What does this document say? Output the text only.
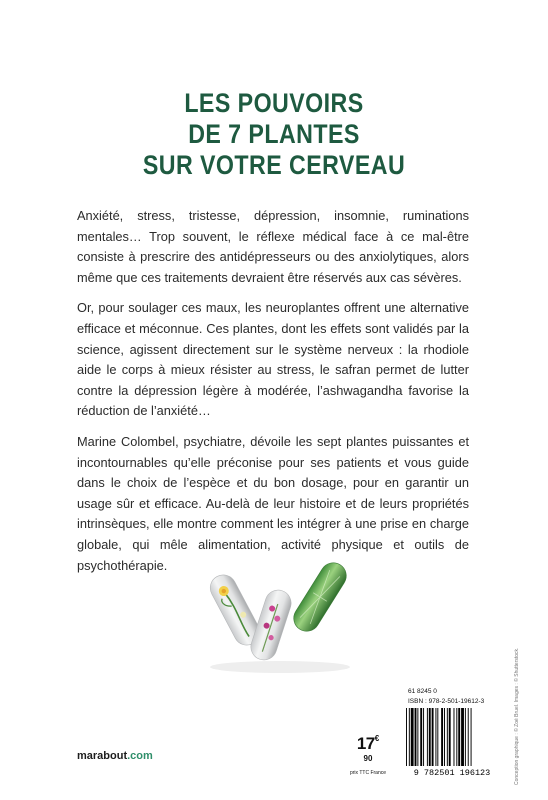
LES POUVOIRS
DE 7 PLANTES
SUR VOTRE CERVEAU

Anxiété, stress, tristesse, dépression, insomnie, ruminations mentales… Trop souvent, le réflexe médical face à ce mal-être consiste à prescrire des antidépresseurs ou des anxiolytiques, alors même que ces traitements devraient être réservés aux cas sévères.

Or, pour soulager ces maux, les neuroplantes offrent une alternative efficace et méconnue. Ces plantes, dont les effets sont validés par la science, agissent directement sur le système nerveux : la rhodiole aide le corps à mieux résister au stress, le safran permet de lutter contre la dépression légère à modérée, l’ashwagandha favorise la réduction de l’anxiété…

Marine Colombel, psychiatre, dévoile les sept plantes puissantes et incontournables qu’elle préconise pour ses patients et vous guide dans le choix de l’espèce et du bon dosage, pour en garantir un usage sûr et efficace. Au-delà de leur histoire et de leurs propriétés intrinsèques, elle montre comment les intégrer à une prise en charge globale, qui mêle alimentation, activité physique et outils de psychothérapie.

marabout.com
$17^{€ 90}$
prix TTC France
61 8245 0
ISBN : 978-2-501-19612-3
9 782501 196123	Conception graphique : © Zoé Bruel. Images : © Shutterstock.
